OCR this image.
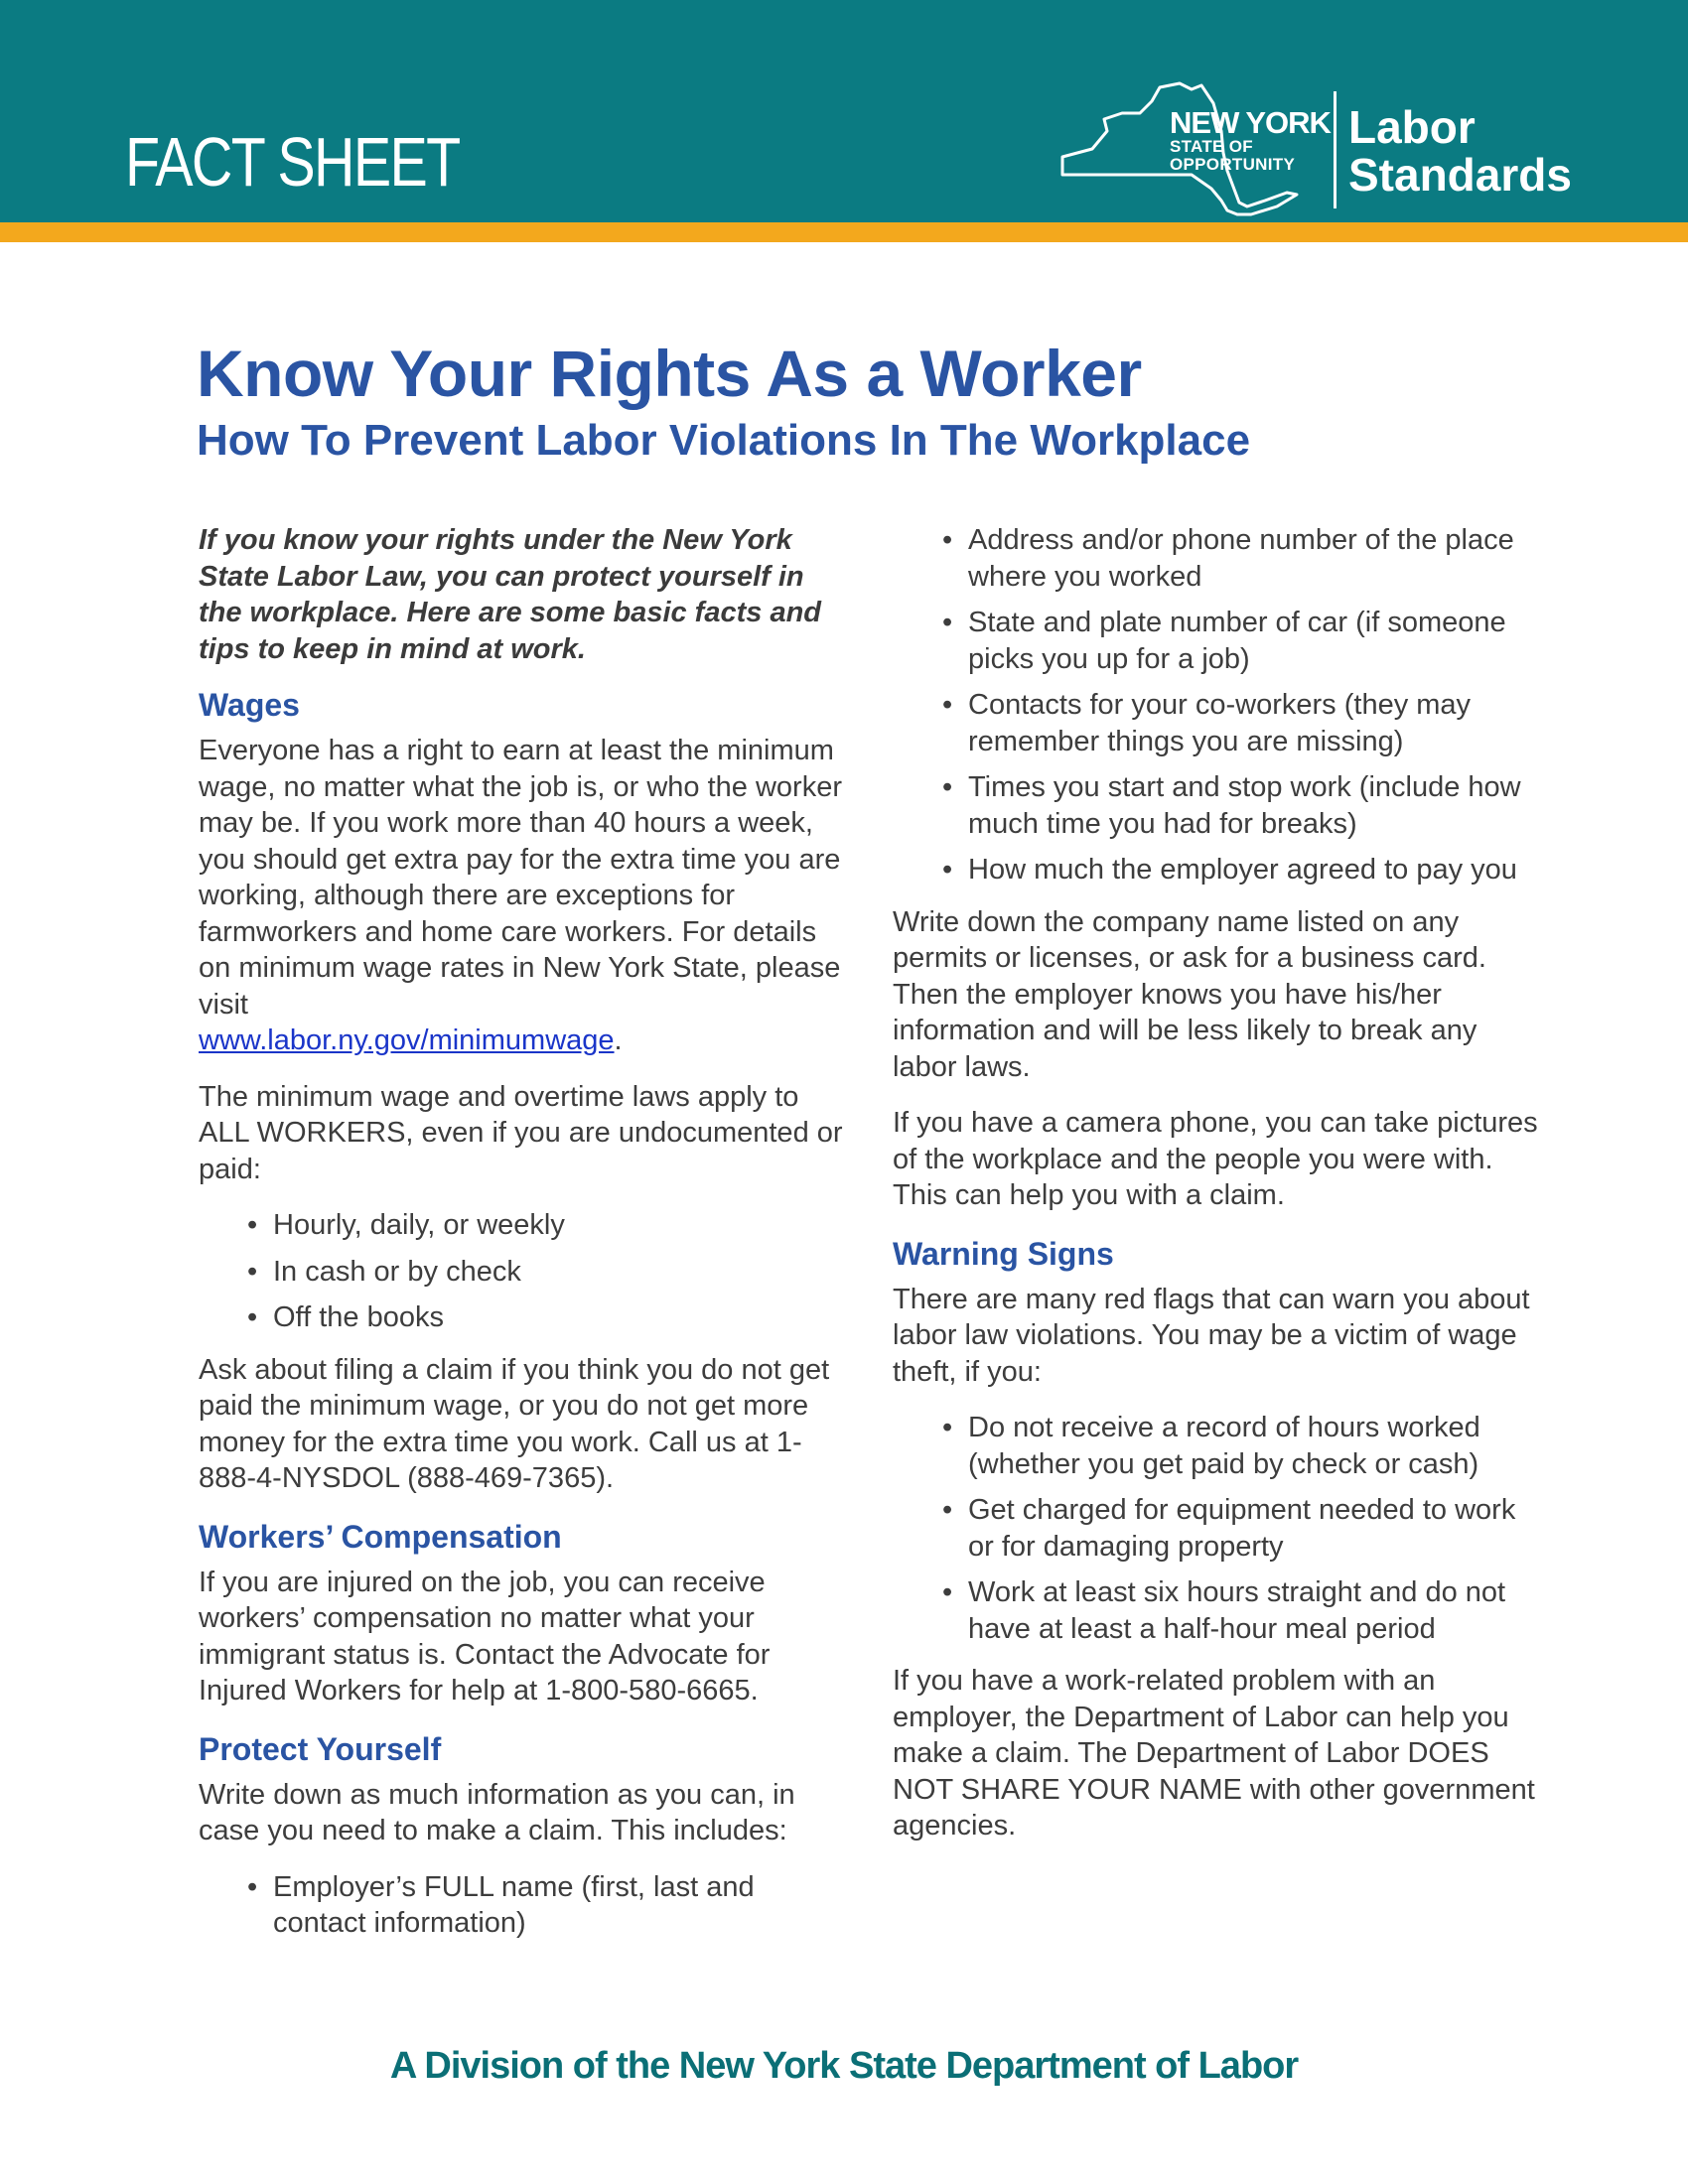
FACT SHEET
NEW YORK
STATE OF
OPPORTUNITY
Labor
Standards
Know Your Rights As a Worker
How To Prevent Labor Violations In The Workplace

If you know your rights under the New York State Labor Law, you can protect yourself in the workplace. Here are some basic facts and tips to keep in mind at work.

Wages

Everyone has a right to earn at least the minimum wage, no matter what the job is, or who the worker may be. If you work more than 40 hours a week, you should get extra pay for the extra time you are working, although there are exceptions for farmworkers and home care workers. For details on minimum wage rates in New York State, please visit
www.labor.ny.gov/minimumwage.

The minimum wage and overtime laws apply to ALL WORKERS, even if you are undocumented or paid:

• Hourly, daily, or weekly
• In cash or by check
• Off the books

Ask about filing a claim if you think you do not get paid the minimum wage, or you do not get more money for the extra time you work. Call us at 1-888-4-NYSDOL (888-469-7365).

Workers’ Compensation

If you are injured on the job, you can receive workers’ compensation no matter what your immigrant status is. Contact the Advocate for Injured Workers for help at 1-800-580-6665.

Protect Yourself

Write down as much information as you can, in case you need to make a claim. This includes:

• Employer’s FULL name (first, last and contact information)
• Address and/or phone number of the place where you worked
• State and plate number of car (if someone picks you up for a job)
• Contacts for your co-workers (they may remember things you are missing)
• Times you start and stop work (include how much time you had for breaks)
• How much the employer agreed to pay you

Write down the company name listed on any permits or licenses, or ask for a business card. Then the employer knows you have his/her information and will be less likely to break any labor laws.

If you have a camera phone, you can take pictures of the workplace and the people you were with. This can help you with a claim.

Warning Signs

There are many red flags that can warn you about labor law violations. You may be a victim of wage theft, if you:

• Do not receive a record of hours worked (whether you get paid by check or cash)
• Get charged for equipment needed to work or for damaging property
• Work at least six hours straight and do not have at least a half-hour meal period

If you have a work-related problem with an employer, the Department of Labor can help you make a claim. The Department of Labor DOES NOT SHARE YOUR NAME with other government agencies.

A Division of the New York State Department of Labor
